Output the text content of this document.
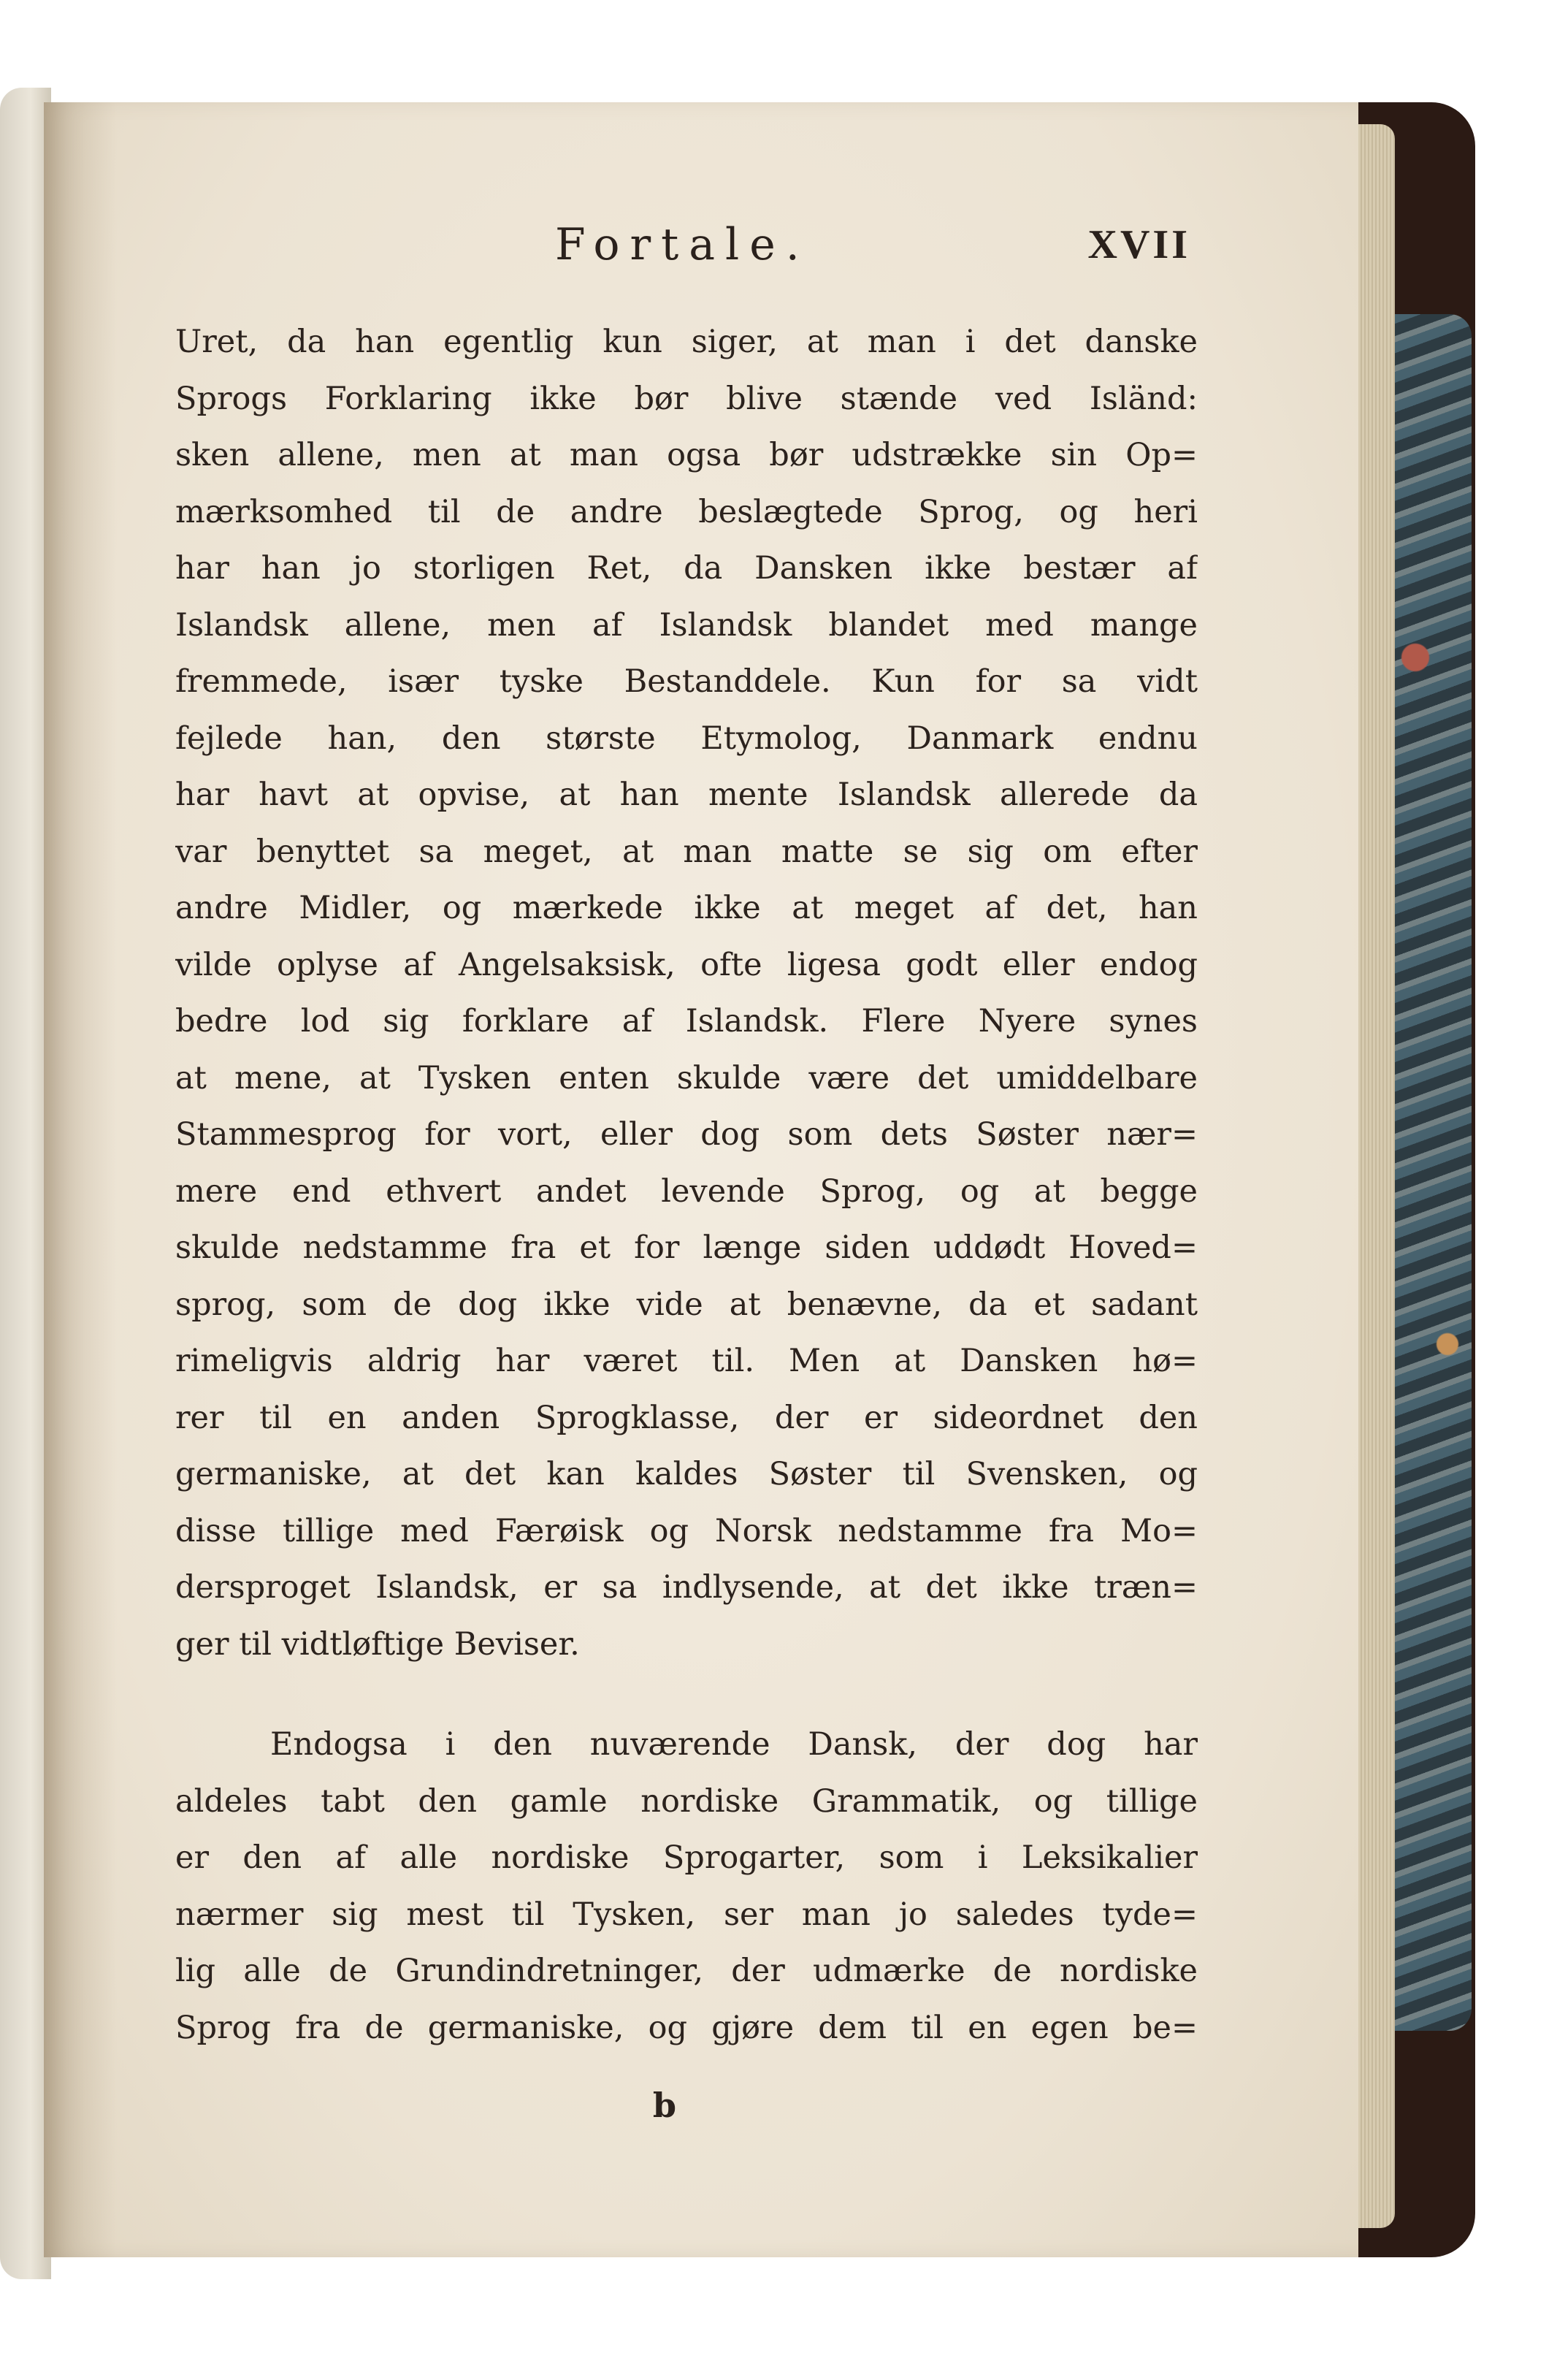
Fortale.	XVII
Uret, da han egentlig kun siger, at man i det danske
Sprogs Forklaring ikke bør blive stænde ved Isländ:
sken allene, men at man ogsa bør udstrække sin Op=
mærksomhed til de andre beslægtede Sprog, og heri
har han jo storligen Ret, da Dansken ikke bestær af
Islandsk allene, men af Islandsk blandet med mange
fremmede, især tyske Bestanddele. Kun for sa vidt
fejlede han, den største Etymolog, Danmark endnu
har havt at opvise, at han mente Islandsk allerede da
var benyttet sa meget, at man matte se sig om efter
andre Midler, og mærkede ikke at meget af det, han
vilde oplyse af Angelsaksisk, ofte ligesa godt eller endog
bedre lod sig forklare af Islandsk. Flere Nyere synes
at mene, at Tysken enten skulde være det umiddelbare
Stammesprog for vort, eller dog som dets Søster nær=
mere end ethvert andet levende Sprog, og at begge
skulde nedstamme fra et for længe siden uddødt Hoved=
sprog, som de dog ikke vide at benævne, da et sadant
rimeligvis aldrig har været til. Men at Dansken hø=
rer til en anden Sprogklasse, der er sideordnet den
germaniske, at det kan kaldes Søster til Svensken, og
disse tillige med Færøisk og Norsk nedstamme fra Mo=
dersproget Islandsk, er sa indlysende, at det ikke træn=
ger til vidtløftige Beviser.
Endogsa i den nuværende Dansk, der dog har
aldeles tabt den gamle nordiske Grammatik, og tillige
er den af alle nordiske Sprogarter, som i Leksikalier
nærmer sig mest til Tysken, ser man jo saledes tyde=
lig alle de Grundindretninger, der udmærke de nordiske
Sprog fra de germaniske, og gjøre dem til en egen be=
b
